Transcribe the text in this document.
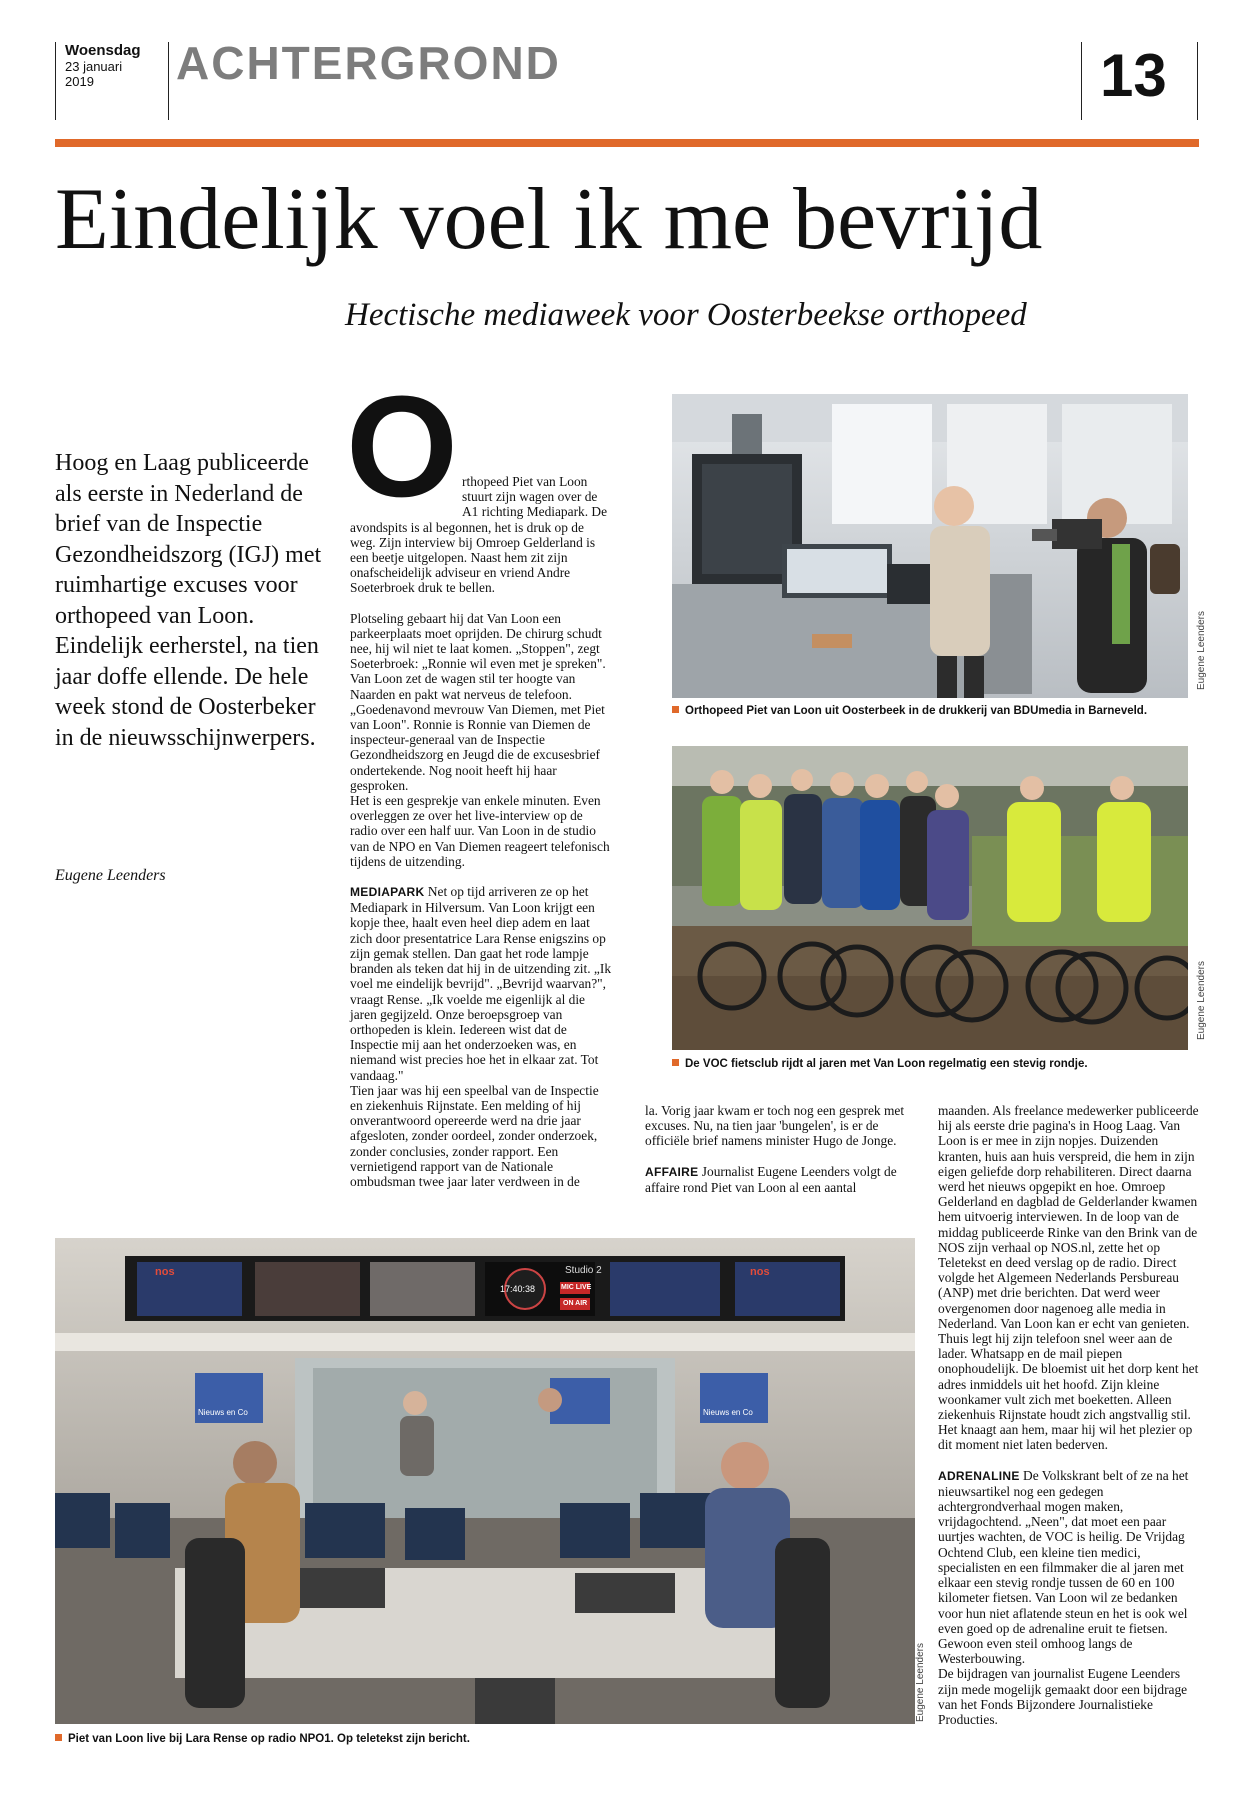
Woensdag
23 januari
2019	ACHTERGROND	13
Eindelijk voel ik me bevrijd
Hectische mediaweek voor Oosterbeekse orthopeed
Hoog en Laag publiceerde als eerste in Nederland de brief van de Inspectie Gezondheidszorg (IGJ) met ruimhartige excuses voor orthopeed van Loon. Eindelijk eerherstel, na tien jaar doffe ellende. De hele week stond de Oosterbeker in de nieuwsschijnwerpers.
Eugene Leenders
O rthopeed Piet van Loon stuurt zijn wagen over de A1 richting Mediapark. De avondspits is al begonnen, het is druk op de weg. Zijn interview bij Omroep Gelderland is een beetje uitgelopen. Naast hem zit zijn onafscheidelijk adviseur en vriend Andre Soeterbroek druk te bellen.

Plotseling gebaart hij dat Van Loon een parkeerplaats moet oprijden. De chirurg schudt nee, hij wil niet te laat komen. „Stoppen", zegt Soeterbroek: „Ronnie wil even met je spreken".

Van Loon zet de wagen stil ter hoogte van Naarden en pakt wat nerveus de telefoon. „Goedenavond mevrouw Van Diemen, met Piet van Loon". Ronnie is Ronnie van Diemen de inspecteur-generaal van de Inspectie Gezondheidszorg en Jeugd die de excusesbrief ondertekende. Nog nooit heeft hij haar gesproken.

Het is een gesprekje van enkele minuten. Even overleggen ze over het live-interview op de radio over een half uur. Van Loon in de studio van de NPO en Van Diemen reageert telefonisch tijdens de uitzending.

MEDIAPARK Net op tijd arriveren ze op het Mediapark in Hilversum. Van Loon krijgt een kopje thee, haalt even heel diep adem en laat zich door presentatrice Lara Rense enigszins op zijn gemak stellen. Dan gaat het rode lampje branden als teken dat hij in de uitzending zit. „Ik voel me eindelijk bevrijd". „Bevrijd waarvan?", vraagt Rense. „Ik voelde me eigenlijk al die jaren gegijzeld. Onze beroepsgroep van orthopeden is klein. Iedereen wist dat de Inspectie mij aan het onderzoeken was, en niemand wist precies hoe het in elkaar zat. Tot vandaag."

Tien jaar was hij een speelbal van de Inspectie en ziekenhuis Rijnstate. Een melding of hij onverantwoord opereerde werd na drie jaar afgesloten, zonder oordeel, zonder onderzoek, zonder conclusies, zonder rapport. Een vernietigend rapport van de Nationale ombudsman twee jaar later verdween in de

Eugene Leenders
Orthopeed Piet van Loon uit Oosterbeek in de drukkerij van BDUmedia in Barneveld.
Eugene Leenders
De VOC fietsclub rijdt al jaren met Van Loon regelmatig een stevig rondje.

la. Vorig jaar kwam er toch nog een gesprek met excuses. Nu, na tien jaar 'bungelen', is er de officiële brief namens minister Hugo de Jonge.

AFFAIRE Journalist Eugene Leenders volgt de affaire rond Piet van Loon al een aantal

maanden. Als freelance medewerker publiceerde hij als eerste drie pagina's in Hoog Laag. Van Loon is er mee in zijn nopjes. Duizenden kranten, huis aan huis verspreid, die hem in zijn eigen geliefde dorp rehabiliteren. Direct daarna werd het nieuws opgepikt en hoe. Omroep Gelderland en dagblad de Gelderlander kwamen hem uitvoerig interviewen. In de loop van de middag publiceerde Rinke van den Brink van de NOS zijn verhaal op NOS.nl, zette het op Teletekst en deed verslag op de radio. Direct volgde het Algemeen Nederlands Persbureau (ANP) met drie berichten. Dat werd weer overgenomen door nagenoeg alle media in Nederland. Van Loon kan er echt van genieten. Thuis legt hij zijn telefoon snel weer aan de lader. Whatsapp en de mail piepen onophoudelijk. De bloemist uit het dorp kent het adres inmiddels uit het hoofd. Zijn kleine woonkamer vult zich met boeketten. Alleen ziekenhuis Rijnstate houdt zich angstvallig stil. Het knaagt aan hem, maar hij wil het plezier op dit moment niet laten bederven.

ADRENALINE De Volkskrant belt of ze na het nieuwsartikel nog een gedegen achtergrondverhaal mogen maken, vrijdagochtend. „Neen", dat moet een paar uurtjes wachten, de VOC is heilig. De Vrijdag Ochtend Club, een kleine tien medici, specialisten en een filmmaker die al jaren met elkaar een stevig rondje tussen de 60 en 100 kilometer fietsen. Van Loon wil ze bedanken voor hun niet aflatende steun en het is ook wel even goed op de adrenaline eruit te fietsen. Gewoon even steil omhoog langs de Westerbouwing.

De bijdragen van journalist Eugene Leenders zijn mede mogelijk gemaakt door een bijdrage van het Fonds Bijzondere Journalistieke Producties.

nos	nos
Nieuws en Co	Nieuws en Co
17:40:38
Studio 2
MIC LIVE
ON AIR
Eugene Leenders
Piet van Loon live bij Lara Rense op radio NPO1. Op teletekst zijn bericht.
